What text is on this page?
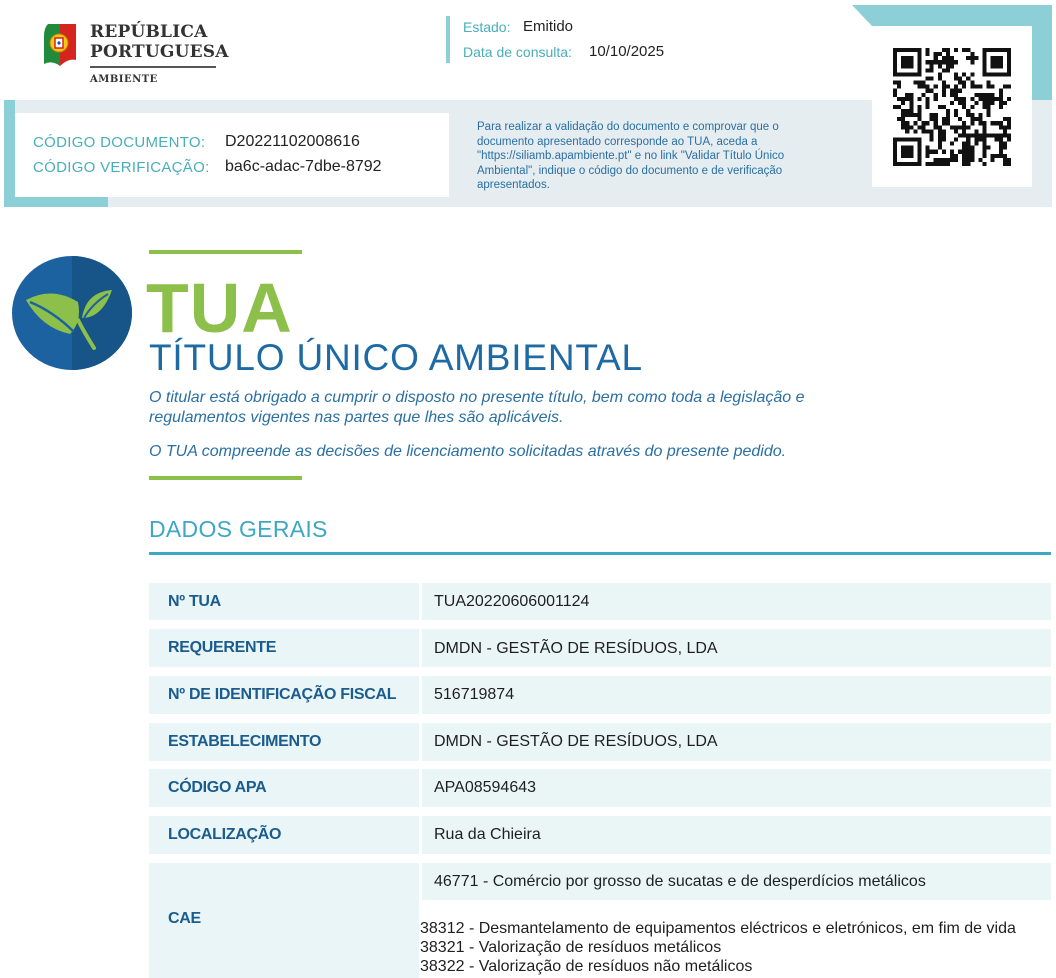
REPÚBLICA
PORTUGUESA
AMBIENTE
Estado: Emitido
Data de consulta: 10/10/2025
CÓDIGO DOCUMENTO: D20221102008616
CÓDIGO VERIFICAÇÃO: ba6c-adac-7dbe-8792
Para realizar a validação do documento e comprovar que o documento apresentado corresponde ao TUA, aceda a "https://siliamb.apambiente.pt" e no link "Validar Título Único Ambiental", indique o código do documento e de verificação apresentados.
TUA
TÍTULO ÚNICO AMBIENTAL
O titular está obrigado a cumprir o disposto no presente título, bem como toda a legislação e regulamentos vigentes nas partes que lhes são aplicáveis.
O TUA compreende as decisões de licenciamento solicitadas através do presente pedido.
DADOS GERAIS
Nº TUA	TUA20220606001124
REQUERENTE	DMDN - GESTÃO DE RESÍDUOS, LDA
Nº DE IDENTIFICAÇÃO FISCAL 516719874
ESTABELECIMENTO	DMDN - GESTÃO DE RESÍDUOS, LDA
CÓDIGO APA	APA08594643
LOCALIZAÇÃO	Rua da Chieira
CAE
46771 - Comércio por grosso de sucatas e de desperdícios metálicos
38312 - Desmantelamento de equipamentos eléctricos e eletrónicos, em fim de vida
38321 - Valorização de resíduos metálicos
38322 - Valorização de resíduos não metálicos
